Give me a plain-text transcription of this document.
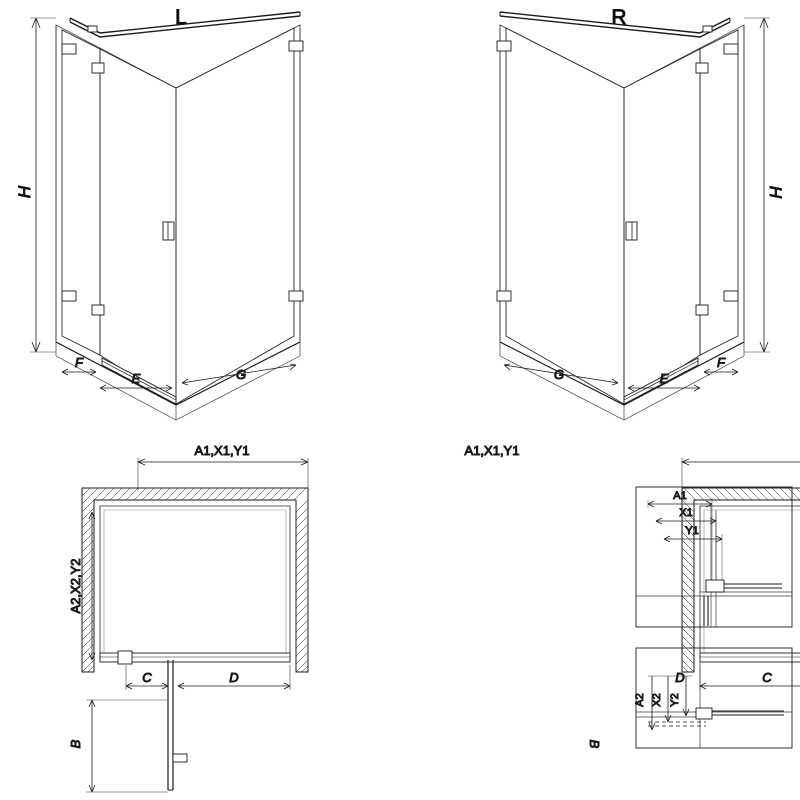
H
F
E	G
L	R
H
F
E
G
A1,X1,Y1
A2,X2,Y2
C	D
B
A1,X1,Y1
C
D
B
A1
X1
Y1
A2 X2 Y2
